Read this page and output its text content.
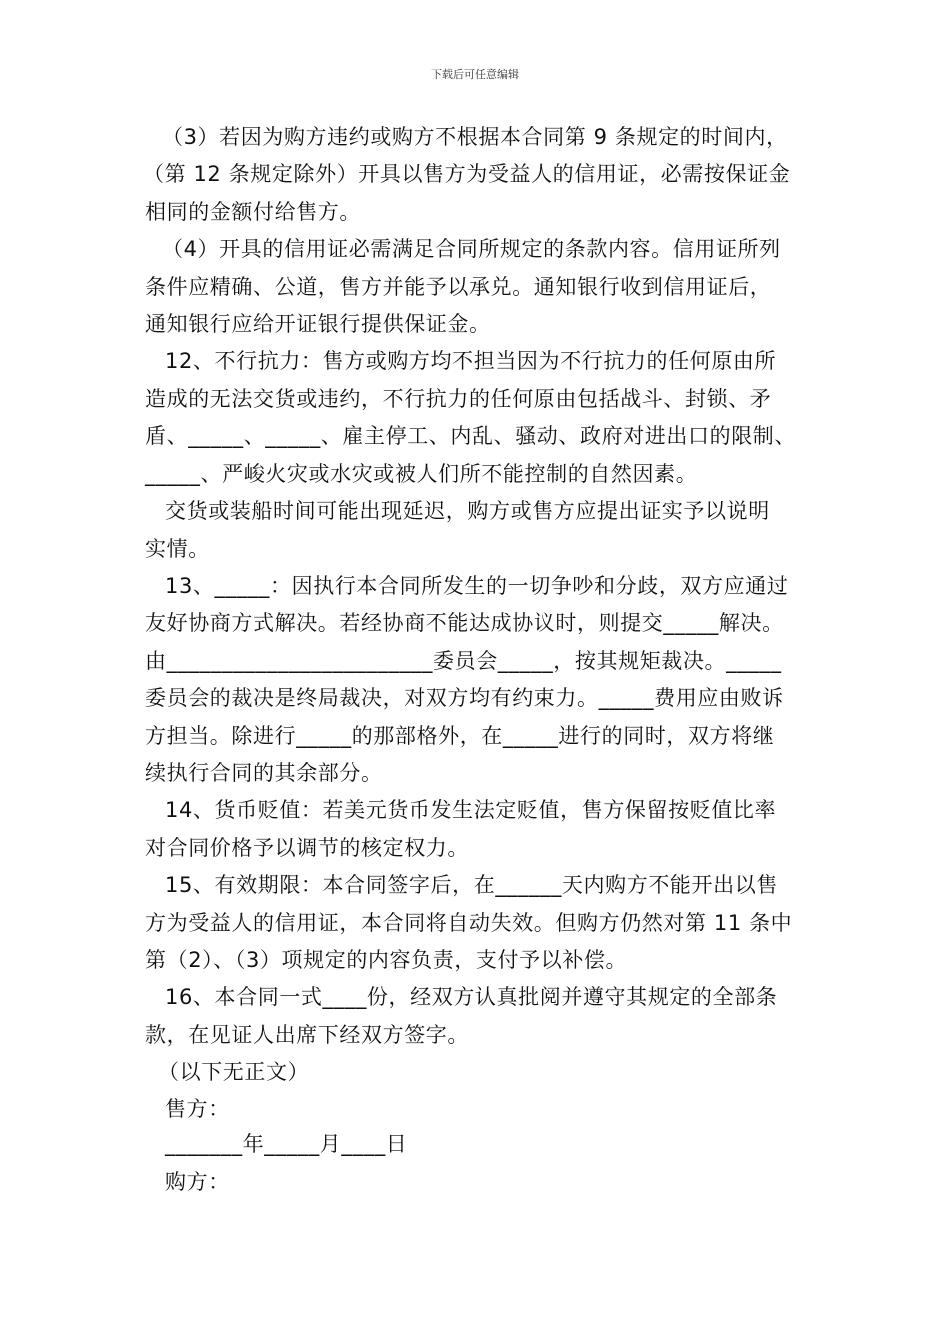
下载后可任意编辑
（3）若因为购方违约或购方不根据本合同第 9 条规定的时间内，
（第 12 条规定除外）开具以售方为受益人的信用证，必需按保证金
相同的金额付给售方。
（4）开具的信用证必需满足合同所规定的条款内容。信用证所列
条件应精确、公道，售方并能予以承兑。通知银行收到信用证后，
通知银行应给开证银行提供保证金。
12、不行抗力：售方或购方均不担当因为不行抗力的任何原由所
造成的无法交货或违约，不行抗力的任何原由包括战斗、封锁、矛
盾、_____、_____、雇主停工、内乱、骚动、政府对进出口的限制、
_____、严峻火灾或水灾或被人们所不能控制的自然因素。
交货或装船时间可能出现延迟，购方或售方应提出证实予以说明
实情。
13、_____：因执行本合同所发生的一切争吵和分歧，双方应通过
友好协商方式解决。若经协商不能达成协议时，则提交_____解决。
由________________________委员会_____，按其规矩裁决。_____
委员会的裁决是终局裁决，对双方均有约束力。_____费用应由败诉
方担当。除进行_____的那部格外，在_____进行的同时，双方将继
续执行合同的其余部分。
14、货币贬值：若美元货币发生法定贬值，售方保留按贬值比率
对合同价格予以调节的核定权力。
15、有效期限：本合同签字后，在______天内购方不能开出以售
方为受益人的信用证，本合同将自动失效。但购方仍然对第 11 条中
第（2）、（3）项规定的内容负责，支付予以补偿。
16、本合同一式____份，经双方认真批阅并遵守其规定的全部条
款，在见证人出席下经双方签字。
（以下无正文）
售方：
_______年_____月____日
购方：
